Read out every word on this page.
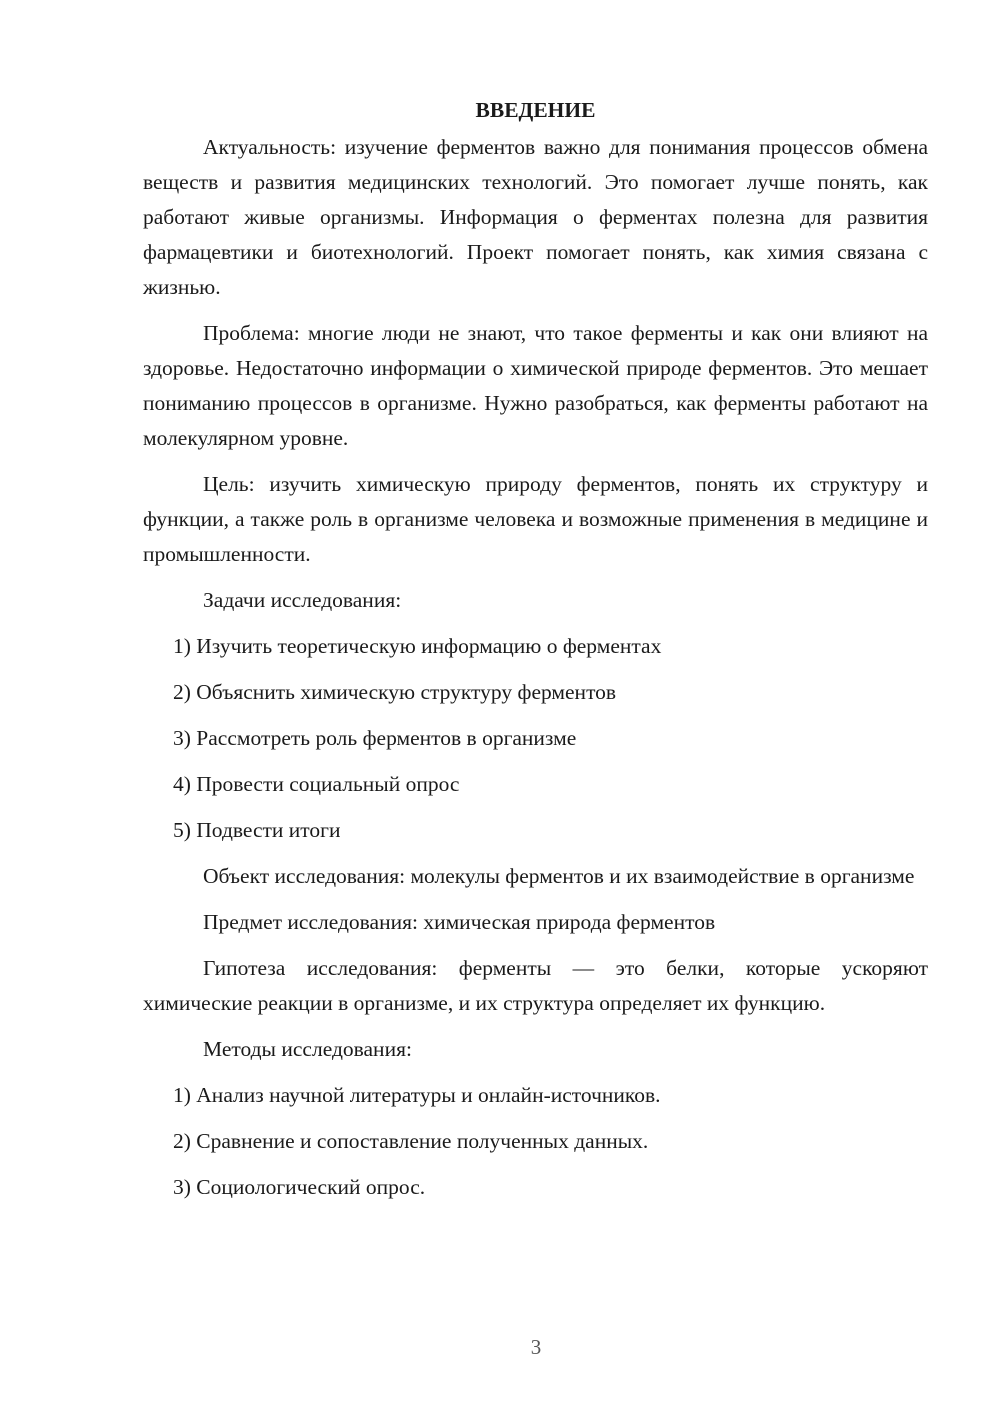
ВВЕДЕНИЕ

Актуальность: изучение ферментов важно для понимания процессов обмена веществ и развития медицинских технологий. Это помогает лучше понять, как работают живые организмы. Информация о ферментах полезна для развития фармацевтики и биотехнологий. Проект помогает понять, как химия связана с жизнью.

Проблема: многие люди не знают, что такое ферменты и как они влияют на здоровье. Недостаточно информации о химической природе ферментов. Это мешает пониманию процессов в организме. Нужно разобраться, как ферменты работают на молекулярном уровне.

Цель: изучить химическую природу ферментов, понять их структуру и функции, а также роль в организме человека и возможные применения в медицине и промышленности.

Задачи исследования:

1) Изучить теоретическую информацию о ферментах

2) Объяснить химическую структуру ферментов

3) Рассмотреть роль ферментов в организме

4) Провести социальный опрос

5) Подвести итоги

Объект исследования: молекулы ферментов и их взаимодействие в организме

Предмет исследования: химическая природа ферментов

Гипотеза исследования: ферменты — это белки, которые ускоряют химические реакции в организме, и их структура определяет их функцию.

Методы исследования:

1) Анализ научной литературы и онлайн-источников.

2) Сравнение и сопоставление полученных данных.

3) Социологический опрос.

3
